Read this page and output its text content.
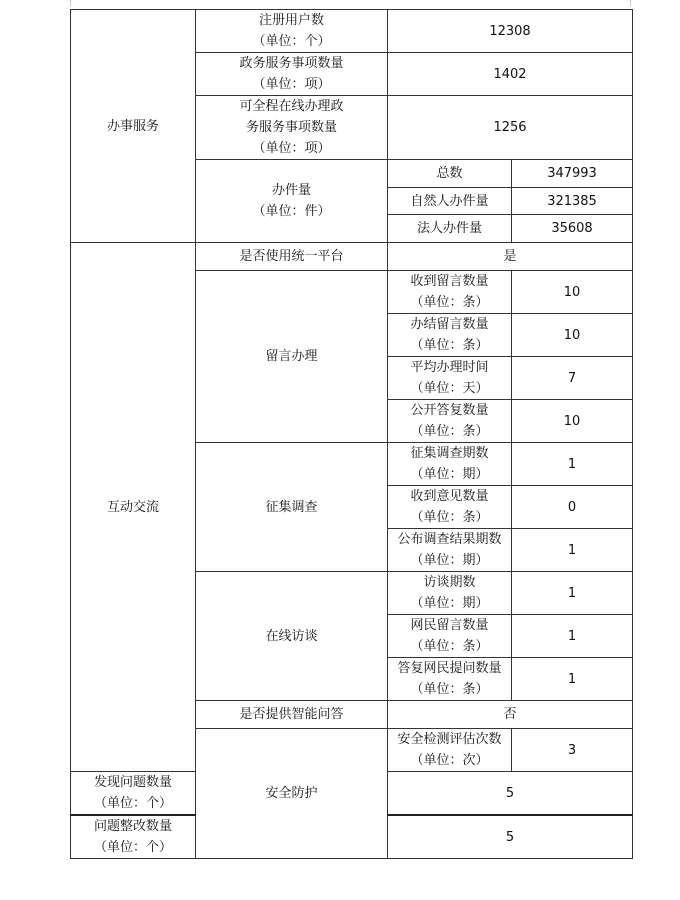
办事服务	注册用户数
（单位：个）	12308	

	政务服务事项数量
（单位：项）	1402	

	可全程在线办理政
务服务事项数量
（单位：项）	1256	

	办件量
（单位：件）	总数	347993
		自然人办件量	321385
		法人办件量	35608
互动交流	是否使用统一平台	是	
	留言办理	收到留言数量
（单位：条）	10

		办结留言数量
（单位：条）	10

		平均办理时间
（单位：天）	7

		公开答复数量
（单位：条）	10
	征集调查	征集调查期数
（单位：期）	1

		收到意见数量
（单位：条）	0

		公布调查结果期数
（单位：期）	1
	在线访谈	访谈期数
（单位：期）	1

		网民留言数量
（单位：条）	1

		答复网民提问数量
（单位：条）	1
	是否提供智能问答	否	
	安全防护	安全检测评估次数
（单位：次）	3

发现问题数量
（单位：个）		5	

问题整改数量
（单位：个）		5	
